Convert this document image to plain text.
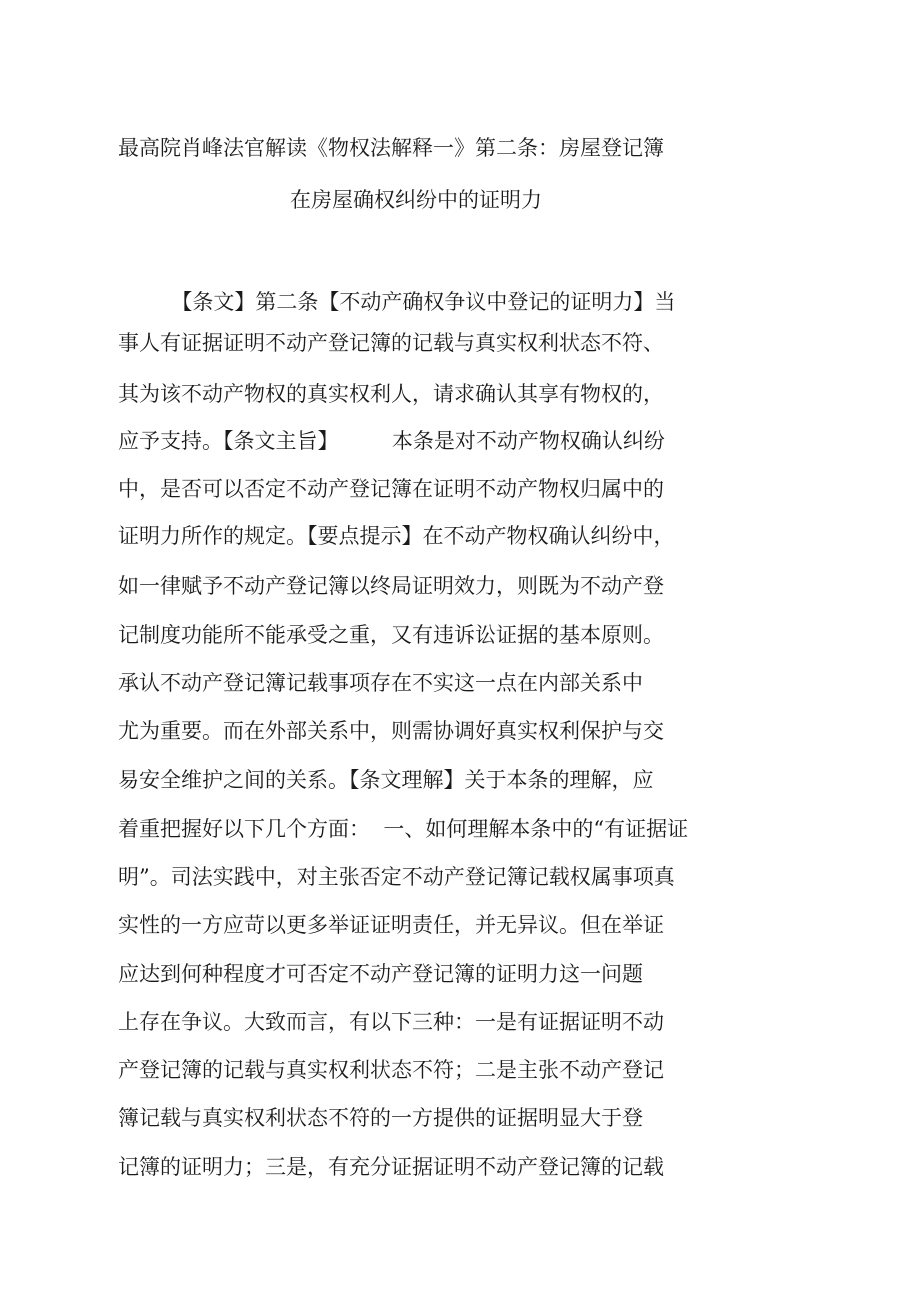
最高院肖峰法官解读《物权法解释一》第二条：房屋登记簿
在房屋确权纠纷中的证明力
【条文】第二条【不动产确权争议中登记的证明力】当
事人有证据证明不动产登记簿的记载与真实权利状态不符、
其为该不动产物权的真实权利人，请求确认其享有物权的，
应予支持。【条文主旨】        本条是对不动产物权确认纠纷
中，是否可以否定不动产登记簿在证明不动产物权归属中的
证明力所作的规定。【要点提示】在不动产物权确认纠纷中，
如一律赋予不动产登记簿以终局证明效力，则既为不动产登
记制度功能所不能承受之重，又有违诉讼证据的基本原则。
承认不动产登记簿记载事项存在不实这一点在内部关系中
尤为重要。而在外部关系中，则需协调好真实权利保护与交
易安全维护之间的关系。【条文理解】关于本条的理解，应
着重把握好以下几个方面：  一、如何理解本条中的“有证据证
明”。司法实践中，对主张否定不动产登记簿记载权属事项真
实性的一方应苛以更多举证证明责任，并无异议。但在举证
应达到何种程度才可否定不动产登记簿的证明力这一问题
上存在争议。大致而言，有以下三种：一是有证据证明不动
产登记簿的记载与真实权利状态不符；二是主张不动产登记
簿记载与真实权利状态不符的一方提供的证据明显大于登
记簿的证明力；三是，有充分证据证明不动产登记簿的记载
